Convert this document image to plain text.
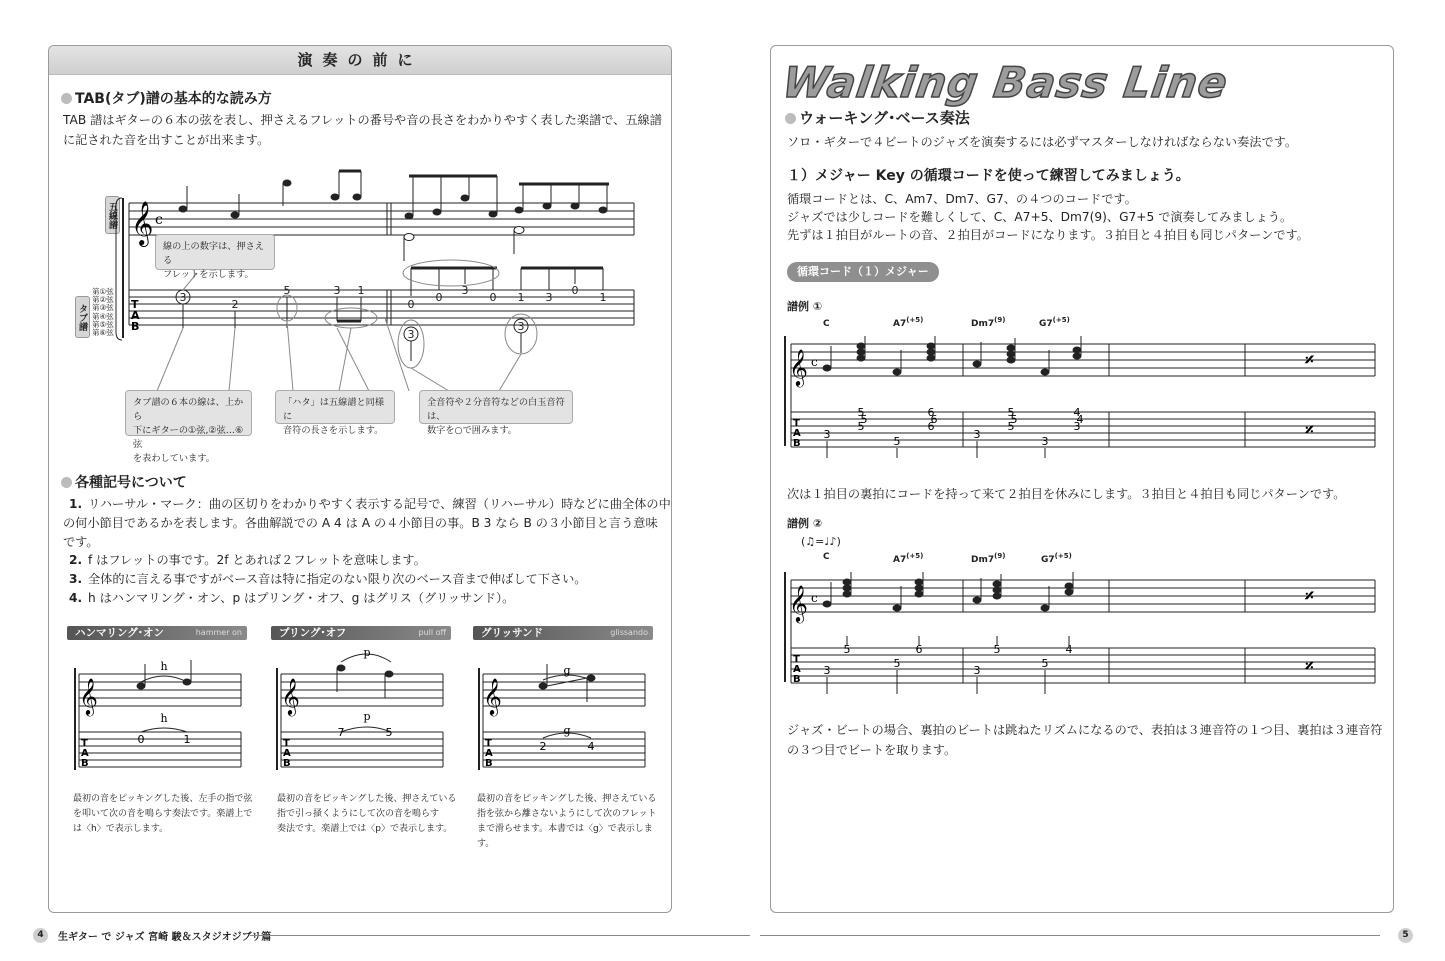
演奏の前に
TAB(タブ)譜の基本的な読み方
TAB 譜はギターの６本の弦を表し、押さえるフレットの番号や音の長さをわかりやすく表した楽譜で、五線譜
に記された音を出すことが出来ます。
五線譜
タブ譜
第①弦
第②弦
第③弦
第④弦
第⑤弦
第⑥弦
𝄞 c
T
A
B
3
2
5	3 1
0
0
3
0 1 3
0
1
3
3
線の上の数字は、押さえる
フレットを示します。
タブ譜の６本の線は、上から
下にギターの①弦,②弦…⑥弦
を表わしています。
「ハタ」は五線譜と同様に
音符の長さを示します。
全音符や２分音符などの白玉音符は、
数字を○で囲みます。
各種記号について
1. リハーサル・マーク：曲の区切りをわかりやすく表示する記号で、練習（リハーサル）時などに曲全体の中
の何小節目であるかを表します。各曲解説での A 4 は A の４小節目の事。B 3 なら B の３小節目と言う意味
です。
2. f はフレットの事です。2f とあれば２フレットを意味します。
3. 全体的に言える事ですがベース音は特に指定のない限り次のベース音まで伸ばして下さい。
4. h はハンマリング・オン、p はプリング・オフ、g はグリス（グリッサンド）。
ハンマリング･オン	hammer on	プリング･オフ	pull off	グリッサンド	glissando
𝄞	𝄞	𝄞
T
A
B
T
A
B
T
A
B
h
h
p
p
g
g
0	1
7	5
2	4
最初の音をピッキングした後、左手の指で弦
を叩いて次の音を鳴らす奏法です。楽譜上で
は〈h〉で表示します。
最初の音をピッキングした後、押さえている
指で引っ掻くようにして次の音を鳴らす
奏法です。楽譜上では〈p〉で表示します。
最初の音をピッキングした後、押さえている
指を弦から離さないようにして次のフレット
まで滑らせます。本書では〈g〉で表示します。
Walking Bass Line
ウォーキング･ベース奏法
ソロ・ギターで４ビートのジャズを演奏するには必ずマスターしなければならない奏法です。
１）メジャー Key の循環コードを使って練習してみましょう。
循環コードとは、C、Am7、Dm7、G7、の４つのコードです。
ジャズでは少しコードを難しくして、C、A7+5、Dm7(9)、G7+5 で演奏してみましょう。
先ずは１拍目がルートの音、２拍目がコードになります。３拍目と４拍目も同じパターンです。
循環コード（１）メジャー
譜例 ①
C	$A7^{(+5)}$	Dm7$^{(9)}$	$G7^{(+5)}$
次は１拍目の裏拍にコードを持って来て２拍目を休みにします。３拍目と４拍目も同じパターンです。
譜例 ②
(♫=♩♪)
C	$A7^{(+5)}$	Dm7$^{(9)}$	$G7^{(+5)}$
𝄞
𝄞
c
c
T
A
B
T
A
B
𝄎
𝄎
𝄎
𝄎
3
5
3
3
5	6	5	4
5	6	5	4
5	6	5	3
3
5
3
5
5	6	5	4
ジャズ・ビートの場合、裏拍のビートは跳ねたリズムになるので、表拍は３連音符の１つ目、裏拍は３連音符
の３つ目でビートを取ります。
4	生ギター で ジャズ 宮崎 駿＆スタジオジブリ篇	5
